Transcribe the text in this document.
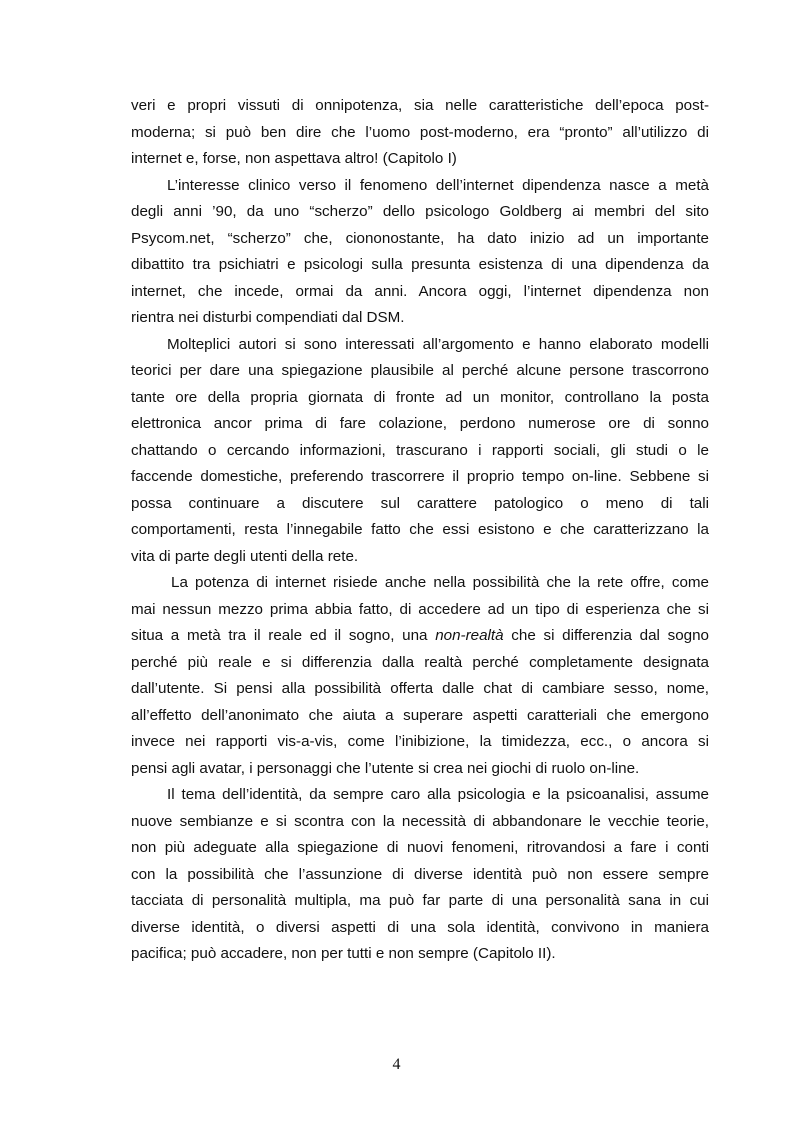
veri e propri vissuti di onnipotenza, sia nelle caratteristiche dell’epoca post-
moderna; si può ben dire che l’uomo post-moderno, era “pronto” all’utilizzo di
internet e, forse, non aspettava altro! (Capitolo I)
L’interesse clinico verso il fenomeno dell’internet dipendenza nasce a metà
degli anni ’90, da uno “scherzo” dello psicologo Goldberg ai membri del sito
Psycom.net, “scherzo” che, ciononostante, ha dato inizio ad un importante
dibattito tra psichiatri e psicologi sulla presunta esistenza di una dipendenza da
internet, che incede, ormai da anni. Ancora oggi, l’internet dipendenza non
rientra nei disturbi compendiati dal DSM.
Molteplici autori si sono interessati all’argomento e hanno elaborato modelli
teorici per dare una spiegazione plausibile al perché alcune persone trascorrono
tante ore della propria giornata di fronte ad un monitor, controllano la posta
elettronica ancor prima di fare colazione, perdono numerose ore di sonno
chattando o cercando informazioni, trascurano i rapporti sociali, gli studi o le
faccende domestiche, preferendo trascorrere il proprio tempo on-line. Sebbene si
possa continuare a discutere sul carattere patologico o meno di tali
comportamenti, resta l’innegabile fatto che essi esistono e che caratterizzano la
vita di parte degli utenti della rete.
La potenza di internet risiede anche nella possibilità che la rete offre, come
mai nessun mezzo prima abbia fatto, di accedere ad un tipo di esperienza che si
situa a metà tra il reale ed il sogno, una non-realtà che si differenzia dal sogno
perché più reale e si differenzia dalla realtà perché completamente designata
dall’utente. Si pensi alla possibilità offerta dalle chat di cambiare sesso, nome,
all’effetto dell’anonimato che aiuta a superare aspetti caratteriali che emergono
invece nei rapporti vis-a-vis, come l’inibizione, la timidezza, ecc., o ancora si
pensi agli avatar, i personaggi che l’utente si crea nei giochi di ruolo on-line.
Il tema dell’identità, da sempre caro alla psicologia e la psicoanalisi, assume
nuove sembianze e si scontra con la necessità di abbandonare le vecchie teorie,
non più adeguate alla spiegazione di nuovi fenomeni, ritrovandosi a fare i conti
con la possibilità che l’assunzione di diverse identità può non essere sempre
tacciata di personalità multipla, ma può far parte di una personalità sana in cui
diverse identità, o diversi aspetti di una sola identità, convivono in maniera
pacifica; può accadere, non per tutti e non sempre (Capitolo II).
4
